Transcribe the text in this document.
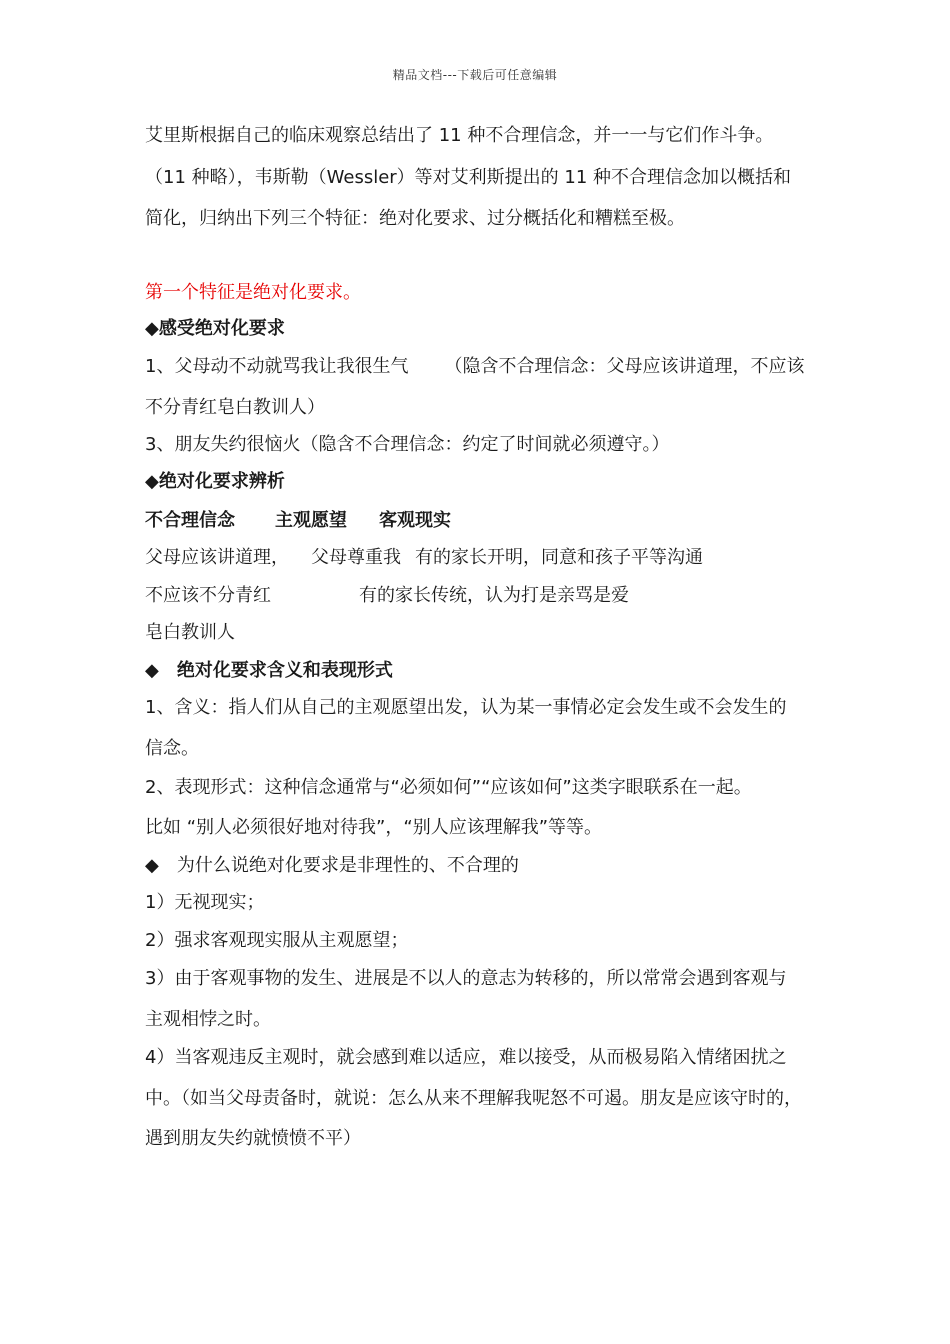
精品文档---下载后可任意编辑
艾里斯根据自己的临床观察总结出了 11 种不合理信念，并一一与它们作斗争。
（11 种略），韦斯勒（Wessler）等对艾利斯提出的 11 种不合理信念加以概括和
简化，归纳出下列三个特征：绝对化要求、过分概括化和糟糕至极。
第一个特征是绝对化要求。
◆感受绝对化要求
1、父母动不动就骂我让我很生气 （隐含不合理信念：父母应该讲道理，不应该
不分青红皂白教训人）
3、朋友失约很恼火（隐含不合理信念：约定了时间就必须遵守。）
◆绝对化要求辨析
不合理信念 主观愿望 客观现实
父母应该讲道理， 父母尊重我 有的家长开明，同意和孩子平等沟通
不应该不分青红	有的家长传统，认为打是亲骂是爱
皂白教训人
◆　绝对化要求含义和表现形式
1、含义：指人们从自己的主观愿望出发，认为某一事情必定会发生或不会发生的
信念。
2、表现形式：这种信念通常与“必须如何”“应该如何”这类字眼联系在一起。
比如 “别人必须很好地对待我”，“别人应该理解我”等等。
◆　为什么说绝对化要求是非理性的、不合理的
1）无视现实；
2）强求客观现实服从主观愿望；
3）由于客观事物的发生、进展是不以人的意志为转移的，所以常常会遇到客观与
主观相悖之时。
4）当客观违反主观时，就会感到难以适应，难以接受，从而极易陷入情绪困扰之
中。（如当父母责备时，就说：怎么从来不理解我呢怒不可遏。朋友是应该守时的，
遇到朋友失约就愤愤不平）
